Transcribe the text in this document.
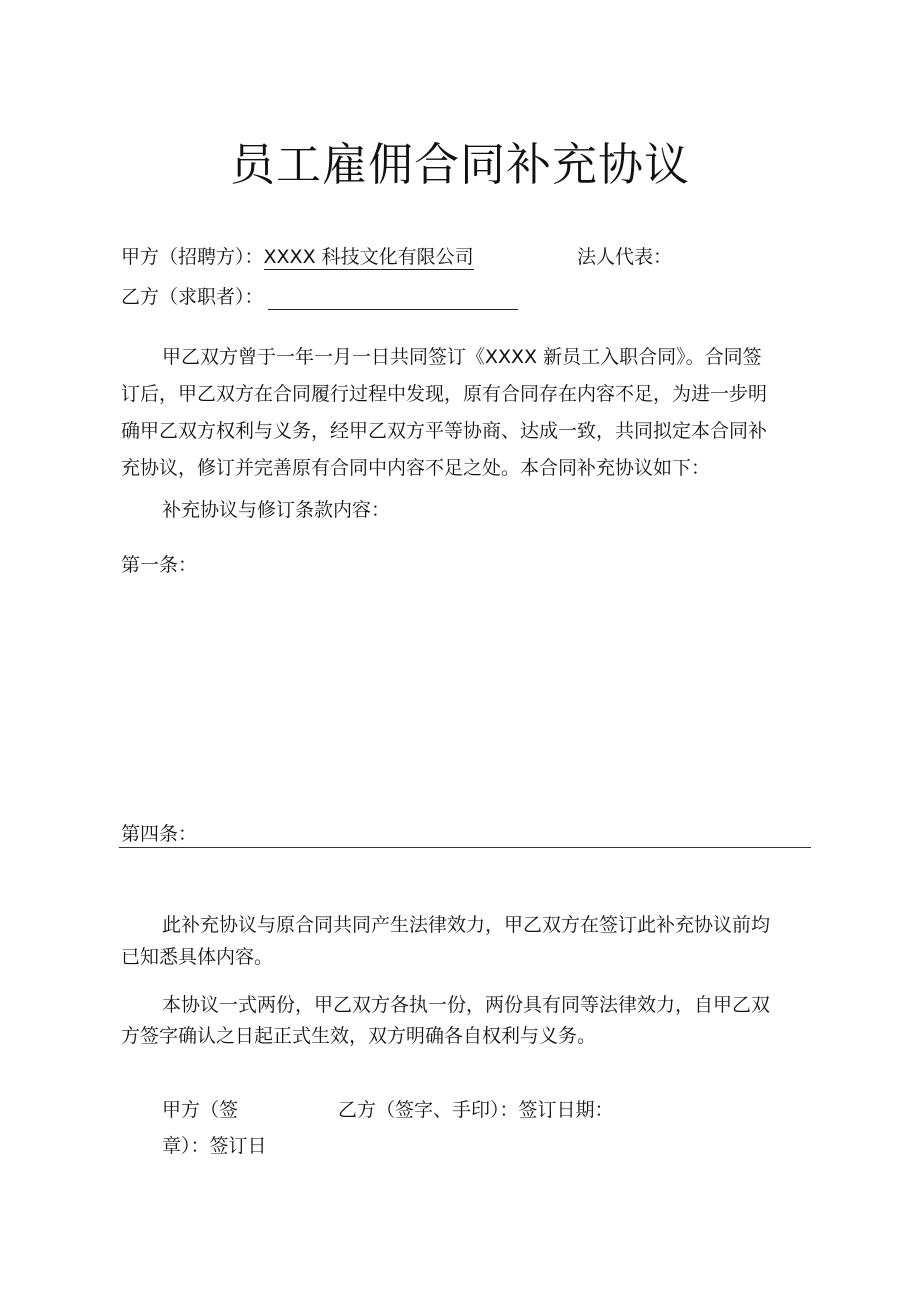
员工雇佣合同补充协议
甲方（招聘方）：XXXX 科技文化有限公司	法人代表：
乙方（求职者）：
甲乙双方曾于一年一月一日共同签订《XXXX 新员工入职合同》。合同签
订后，甲乙双方在合同履行过程中发现，原有合同存在内容不足，为进一步明
确甲乙双方权利与义务，经甲乙双方平等协商、达成一致，共同拟定本合同补
充协议，修订并完善原有合同中内容不足之处。本合同补充协议如下：
补充协议与修订条款内容：
第一条：
第四条：
此补充协议与原合同共同产生法律效力，甲乙双方在签订此补充协议前均
已知悉具体内容。
本协议一式两份，甲乙双方各执一份，两份具有同等法律效力，自甲乙双
方签字确认之日起正式生效，双方明确各自权利与义务。
甲方（签
章）：签订日
乙方（签字、手印）：签订日期：
